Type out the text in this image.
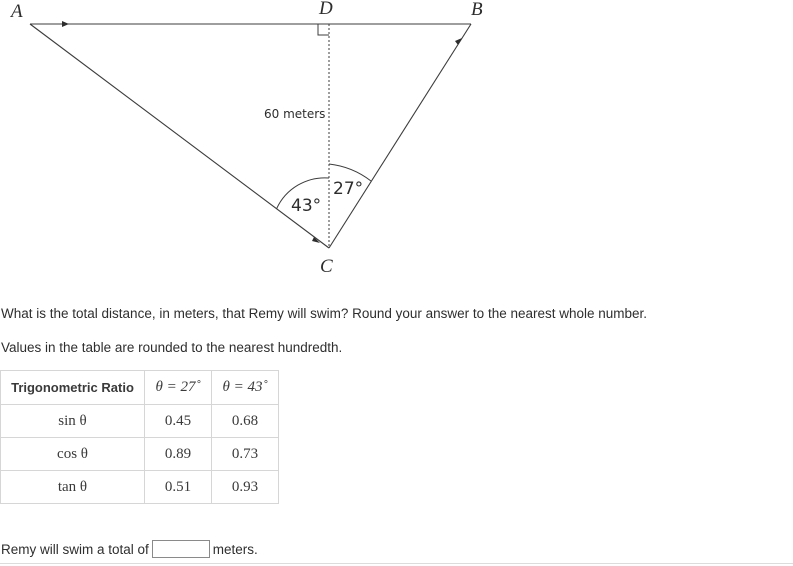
A	D	B
C
60 meters
43°
27°
What is the total distance, in meters, that Remy will swim? Round your answer to the nearest whole number.
Values in the table are rounded to the nearest hundredth.
Trigonometric Ratio	θ = 27˚	θ = 43˚
sin θ	0.45	0.68
cos θ	0.89	0.73
tan θ	0.51	0.93
Remy will swim a total of	meters.
